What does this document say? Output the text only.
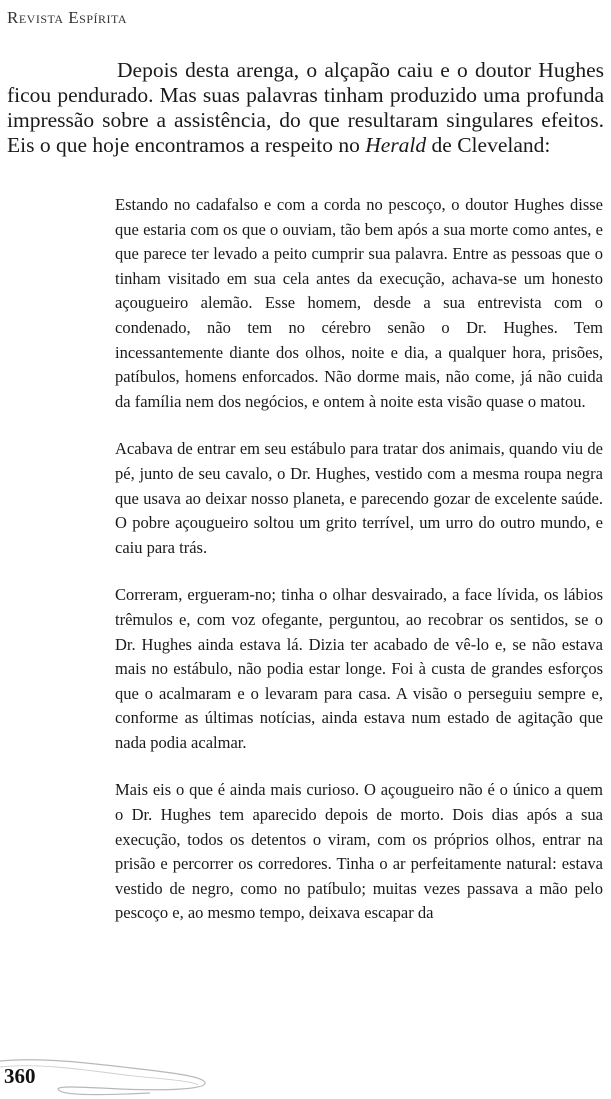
Revista Espírita

Depois desta arenga, o alçapão caiu e o doutor Hughes ficou pendurado. Mas suas palavras tinham produzido uma profunda impressão sobre a assistência, do que resultaram singulares efeitos. Eis o que hoje encontramos a respeito no Herald de Cleveland:

Estando no cadafalso e com a corda no pescoço, o doutor Hughes disse que estaria com os que o ouviam, tão bem após a sua morte como antes, e que parece ter levado a peito cumprir sua palavra. Entre as pessoas que o tinham visitado em sua cela antes da execução, achava-se um honesto açougueiro alemão. Esse homem, desde a sua entrevista com o condenado, não tem no cérebro senão o Dr. Hughes. Tem incessantemente diante dos olhos, noite e dia, a qualquer hora, prisões, patíbulos, homens enforcados. Não dorme mais, não come, já não cuida da família nem dos negócios, e ontem à noite esta visão quase o matou.

Acabava de entrar em seu estábulo para tratar dos animais, quando viu de pé, junto de seu cavalo, o Dr. Hughes, vestido com a mesma roupa negra que usava ao deixar nosso planeta, e parecendo gozar de excelente saúde. O pobre açougueiro soltou um grito terrível, um urro do outro mundo, e caiu para trás.

Correram, ergueram-no; tinha o olhar desvairado, a face lívida, os lábios trêmulos e, com voz ofegante, perguntou, ao recobrar os sentidos, se o Dr. Hughes ainda estava lá. Dizia ter acabado de vê-lo e, se não estava mais no estábulo, não podia estar longe. Foi à custa de grandes esforços que o acalmaram e o levaram para casa. A visão o perseguiu sempre e, conforme as últimas notícias, ainda estava num estado de agitação que nada podia acalmar.

Mais eis o que é ainda mais curioso. O açougueiro não é o único a quem o Dr. Hughes tem aparecido depois de morto. Dois dias após a sua execução, todos os detentos o viram, com os próprios olhos, entrar na prisão e percorrer os corredores. Tinha o ar perfeitamente natural: estava vestido de negro, como no patíbulo; muitas vezes passava a mão pelo pescoço e, ao mesmo tempo, deixava escapar da

360
